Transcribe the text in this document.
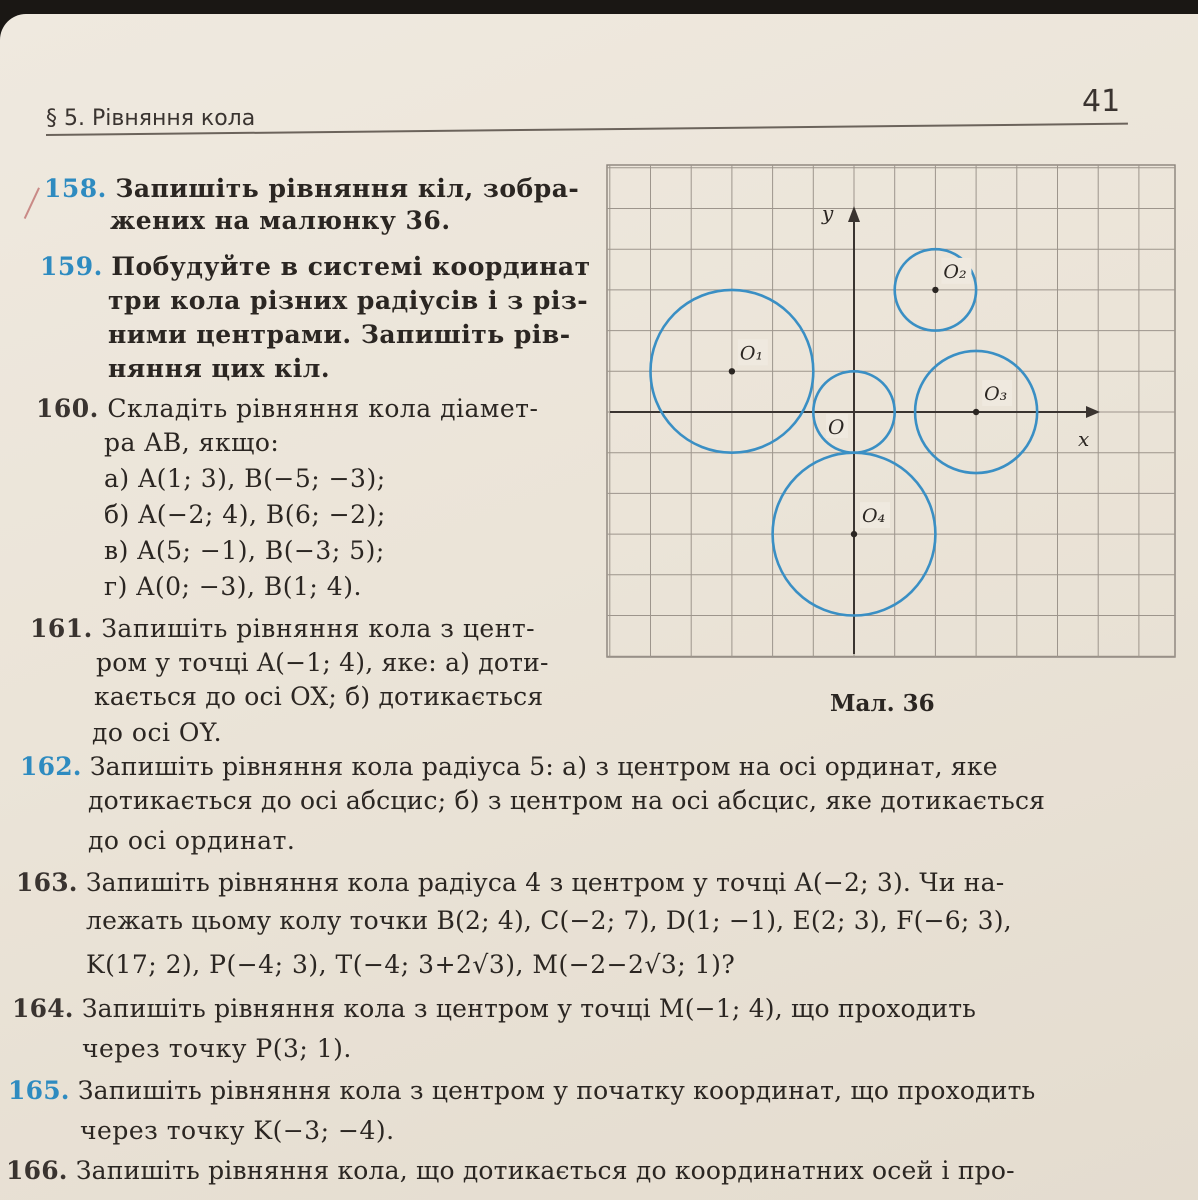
§ 5. Рівняння кола	41
158. Запишіть рівняння кіл, зобра-
жених на малюнку 36.
159. Побудуйте в системі координат
три кола різних радіусів і з різ-
ними центрами. Запишіть рів-
няння цих кіл.
160. Складіть рівняння кола діамет-
ра AB, якщо:
а) A(1; 3), B(−5; −3);
б) A(−2; 4), B(6; −2);
в) A(5; −1), B(−3; 5);
г) A(0; −3), B(1; 4).
161. Запишіть рівняння кола з цент-
ром у точці A(−1; 4), яке: а) доти-
кається до осі OX; б) дотикається
до осі OY.
x
y
O
O₁
O₂
O₃
O₄
Мал. 36
162. Запишіть рівняння кола радіуса 5: а) з центром на осі ординат, яке
дотикається до осі абсцис; б) з центром на осі абсцис, яке дотикається
до осі ординат.
163. Запишіть рівняння кола радіуса 4 з центром у точці A(−2; 3). Чи на-
лежать цьому колу точки B(2; 4), C(−2; 7), D(1; −1), E(2; 3), F(−6; 3),
K(17; 2), P(−4; 3), T(−4; 3+2√3), M(−2−2√3; 1)?
164. Запишіть рівняння кола з центром у точці M(−1; 4), що проходить
через точку P(3; 1).
165. Запишіть рівняння кола з центром у початку координат, що проходить
через точку K(−3; −4).
166. Запишіть рівняння кола, що дотикається до координатних осей і про-
